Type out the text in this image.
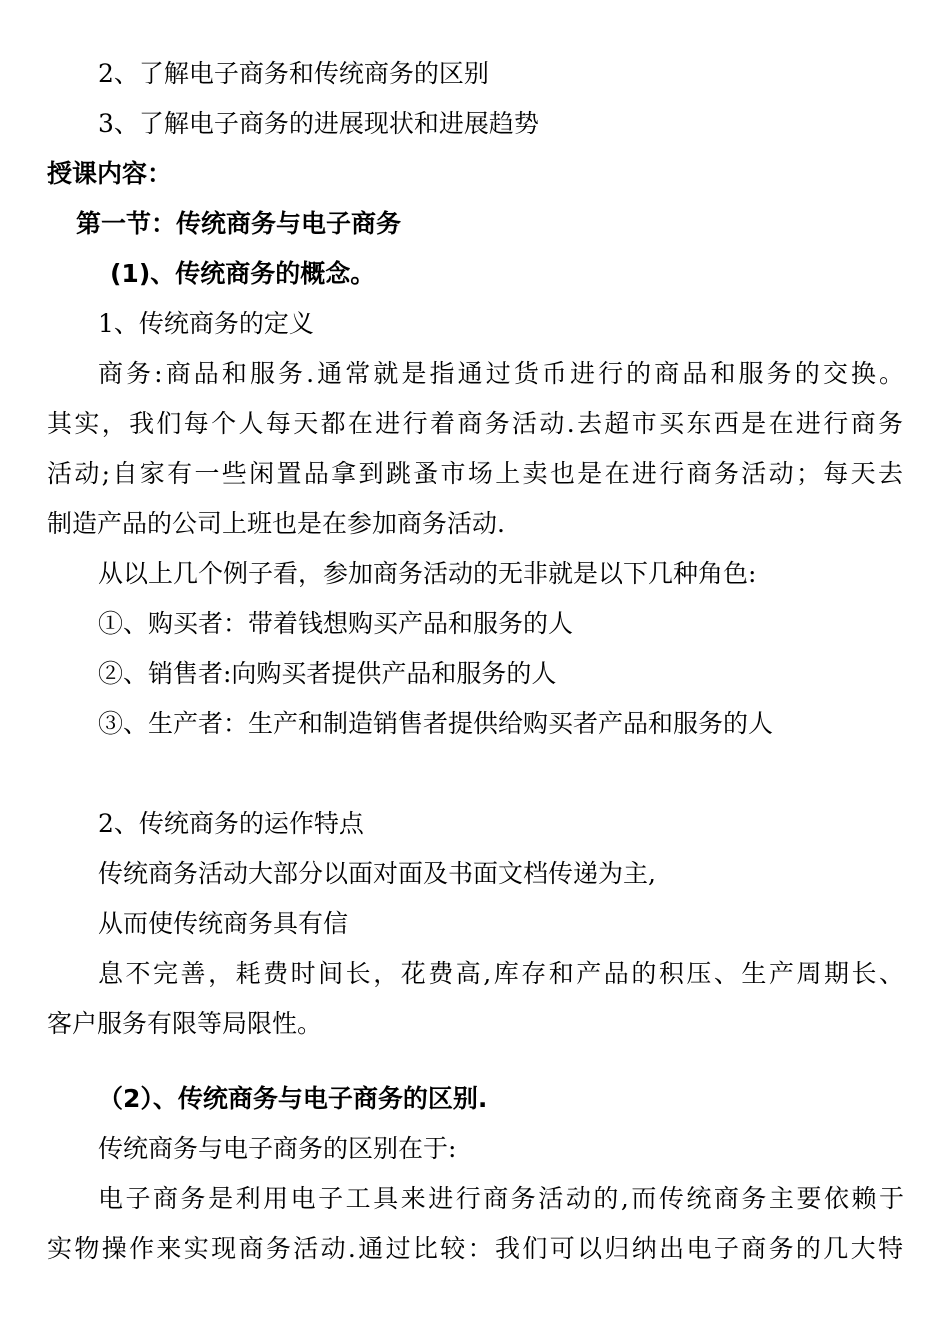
2、了解电子商务和传统商务的区别
3、了解电子商务的进展现状和进展趋势
授课内容：
第一节：传统商务与电子商务
(1)、传统商务的概念。
1、传统商务的定义
商务:商品和服务.通常就是指通过货币进行的商品和服务的交换。
其实，我们每个人每天都在进行着商务活动.去超市买东西是在进行商务
活动;自家有一些闲置品拿到跳蚤市场上卖也是在进行商务活动；每天去
制造产品的公司上班也是在参加商务活动.
从以上几个例子看，参加商务活动的无非就是以下几种角色:
①、购买者：带着钱想购买产品和服务的人
②、销售者:向购买者提供产品和服务的人
③、生产者：生产和制造销售者提供给购买者产品和服务的人
2、传统商务的运作特点
传统商务活动大部分以面对面及书面文档传递为主,
从而使传统商务具有信
息不完善，耗费时间长，花费高,库存和产品的积压、生产周期长、
客户服务有限等局限性。
（2）、传统商务与电子商务的区别.
传统商务与电子商务的区别在于:
电子商务是利用电子工具来进行商务活动的,而传统商务主要依赖于
实物操作来实现商务活动.通过比较：我们可以归纳出电子商务的几大特
